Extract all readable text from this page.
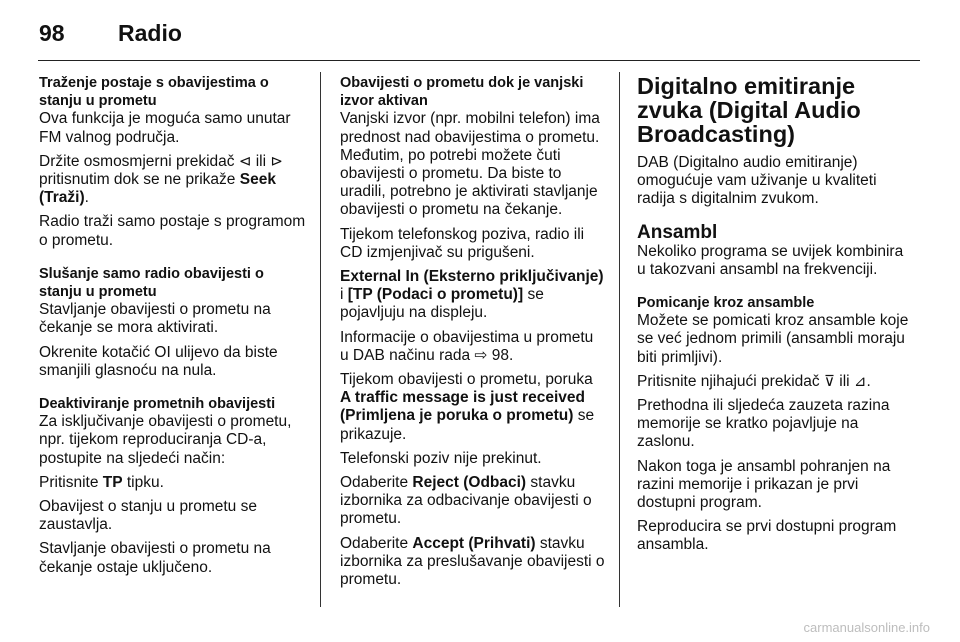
98 Radio

Traženje postaje s obavijestima o stanju u prometu

Ova funkcija je moguća samo unutar FM valnog područja.

Držite osmosmjerni prekidač ⊲ ili ⊳ pritisnutim dok se ne prikaže Seek (Traži).

Radio traži samo postaje s programom o prometu.

Slušanje samo radio obavijesti o stanju u prometu

Stavljanje obavijesti o prometu na čekanje se mora aktivirati.

Okrenite kotačić OI ulijevo da biste smanjili glasnoću na nula.

Deaktiviranje prometnih obavijesti

Za isključivanje obavijesti o prometu, npr. tijekom reproduciranja CD-a, postupite na sljedeći način:

Pritisnite TP tipku.

Obavijest o stanju u prometu se zaustavlja.

Stavljanje obavijesti o prometu na čekanje ostaje uključeno.

Obavijesti o prometu dok je vanjski izvor aktivan

Vanjski izvor (npr. mobilni telefon) ima prednost nad obavijestima o prometu. Međutim, po potrebi možete čuti obavijesti o prometu. Da biste to uradili, potrebno je aktivirati stavljanje obavijesti o prometu na čekanje.

Tijekom telefonskog poziva, radio ili CD izmjenjivač su prigušeni.

External In (Eksterno priključivanje) i [TP (Podaci o prometu)] se pojavljuju na displeju.

Informacije o obavijestima u prometu u DAB načinu rada ⇨ 98.

Tijekom obavijesti o prometu, poruka A traffic message is just received (Primljena je poruka o prometu) se prikazuje.

Telefonski poziv nije prekinut.

Odaberite Reject (Odbaci) stavku izbornika za odbacivanje obavijesti o prometu.

Odaberite Accept (Prihvati) stavku izbornika za preslušavanje obavijesti o prometu.

Digitalno emitiranje zvuka (Digital Audio Broadcasting)

DAB (Digitalno audio emitiranje) omogućuje vam uživanje u kvaliteti radija s digitalnim zvukom.

Ansambl

Nekoliko programa se uvijek kombinira u takozvani ansambl na frekvenciji.

Pomicanje kroz ansamble

Možete se pomicati kroz ansamble koje se već jednom primili (ansambli moraju biti primljivi).

Pritisnite njihajući prekidač ⊽ ili ⊿.

Prethodna ili sljedeća zauzeta razina memorije se kratko pojavljuje na zaslonu.

Nakon toga je ansambl pohranjen na razini memorije i prikazan je prvi dostupni program.

Reproducira se prvi dostupni program ansambla.

carmanualsonline.info
